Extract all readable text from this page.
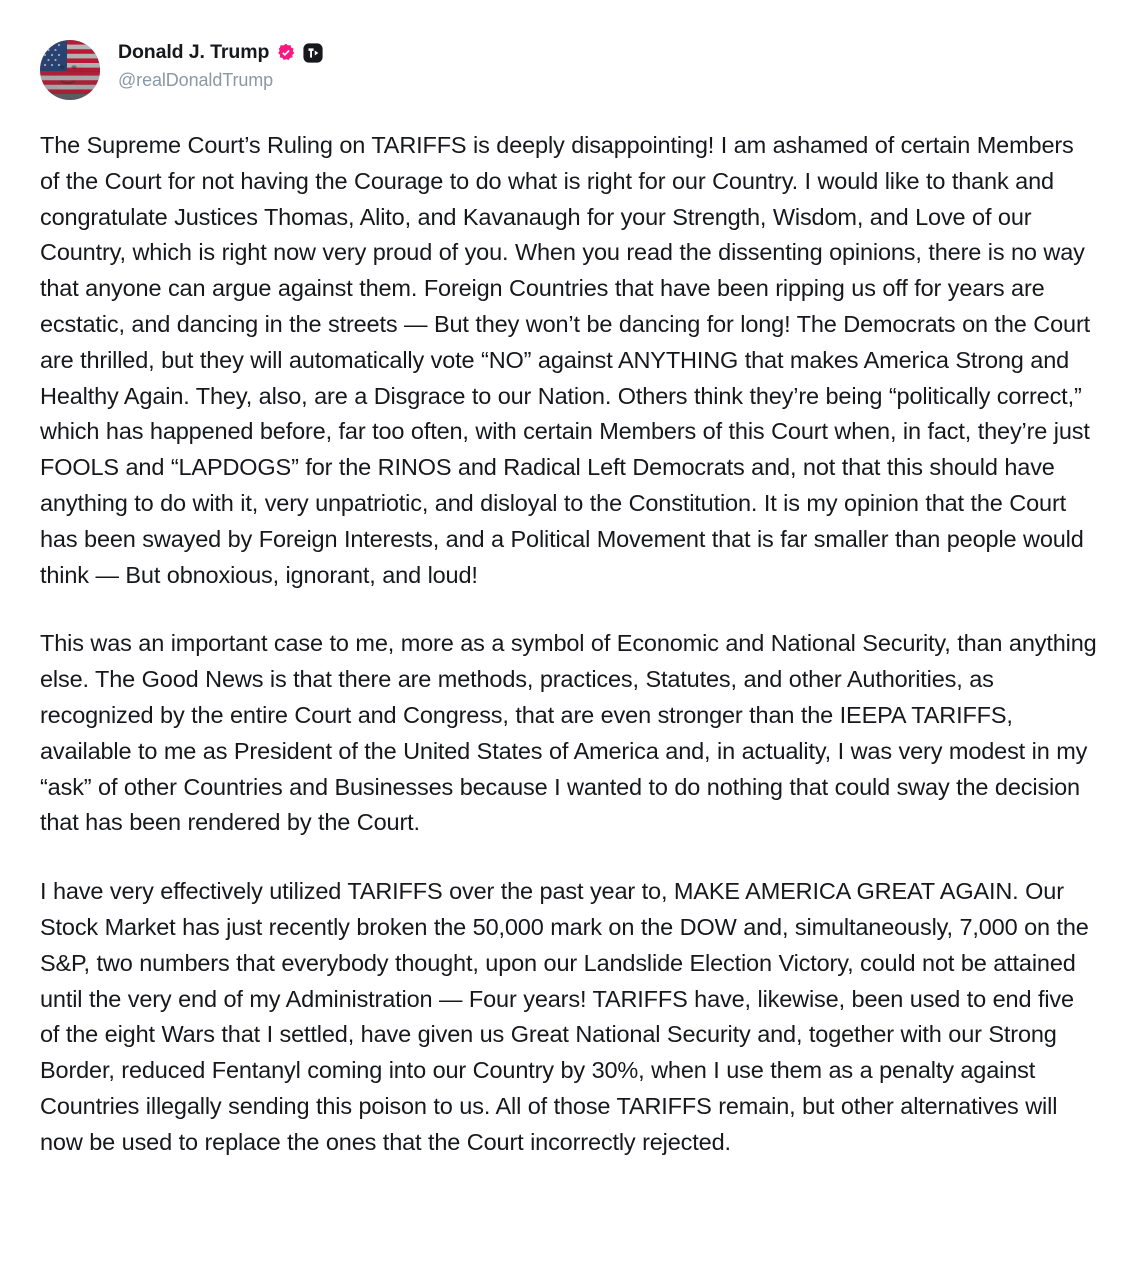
Donald J. Trump
@realDonaldTrump

The Supreme Court’s Ruling on TARIFFS is deeply disappointing! I am ashamed of certain Members of the Court for not having the Courage to do what is right for our Country. I would like to thank and congratulate Justices Thomas, Alito, and Kavanaugh for your Strength, Wisdom, and Love of our Country, which is right now very proud of you. When you read the dissenting opinions, there is no way that anyone can argue against them. Foreign Countries that have been ripping us off for years are ecstatic, and dancing in the streets — But they won’t be dancing for long! The Democrats on the Court are thrilled, but they will automatically vote “NO” against ANYTHING that makes America Strong and Healthy Again. They, also, are a Disgrace to our Nation. Others think they’re being “politically correct,” which has happened before, far too often, with certain Members of this Court when, in fact, they’re just FOOLS and “LAPDOGS” for the RINOS and Radical Left Democrats and, not that this should have anything to do with it, very unpatriotic, and disloyal to the Constitution. It is my opinion that the Court has been swayed by Foreign Interests, and a Political Movement that is far smaller than people would think — But obnoxious, ignorant, and loud!

This was an important case to me, more as a symbol of Economic and National Security, than anything else. The Good News is that there are methods, practices, Statutes, and other Authorities, as recognized by the entire Court and Congress, that are even stronger than the IEEPA TARIFFS, available to me as President of the United States of America and, in actuality, I was very modest in my “ask” of other Countries and Businesses because I wanted to do nothing that could sway the decision that has been rendered by the Court.

I have very effectively utilized TARIFFS over the past year to, MAKE AMERICA GREAT AGAIN. Our Stock Market has just recently broken the 50,000 mark on the DOW and, simultaneously, 7,000 on the S&P, two numbers that everybody thought, upon our Landslide Election Victory, could not be attained until the very end of my Administration — Four years! TARIFFS have, likewise, been used to end five of the eight Wars that I settled, have given us Great National Security and, together with our Strong Border, reduced Fentanyl coming into our Country by 30%, when I use them as a penalty against Countries illegally sending this poison to us. All of those TARIFFS remain, but other alternatives will now be used to replace the ones that the Court incorrectly rejected.
